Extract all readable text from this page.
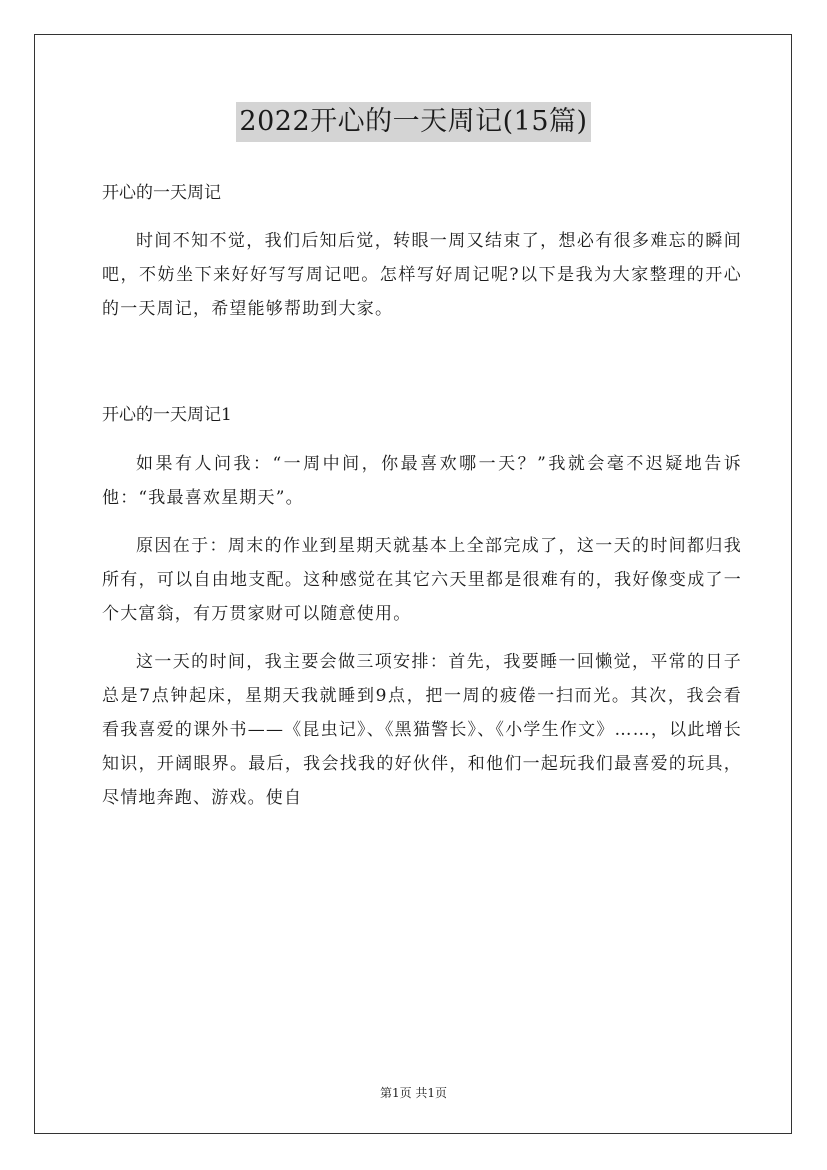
2022开心的一天周记(15篇)

开心的一天周记

时间不知不觉，我们后知后觉，转眼一周又结束了，想必有很多难忘的瞬间吧，不妨坐下来好好写写周记吧。怎样写好周记呢?以下是我为大家整理的开心的一天周记，希望能够帮助到大家。

开心的一天周记1

如果有人问我：“一周中间，你最喜欢哪一天？”我就会毫不迟疑地告诉他：“我最喜欢星期天”。

原因在于：周末的作业到星期天就基本上全部完成了，这一天的时间都归我所有，可以自由地支配。这种感觉在其它六天里都是很难有的，我好像变成了一个大富翁，有万贯家财可以随意使用。

这一天的时间，我主要会做三项安排：首先，我要睡一回懒觉，平常的日子总是7点钟起床，星期天我就睡到9点，把一周的疲倦一扫而光。其次，我会看看我喜爱的课外书——《昆虫记》、《黑猫警长》、《小学生作文》……，以此增长知识，开阔眼界。最后，我会找我的好伙伴，和他们一起玩我们最喜爱的玩具，尽情地奔跑、游戏。使自

第1页 共1页
